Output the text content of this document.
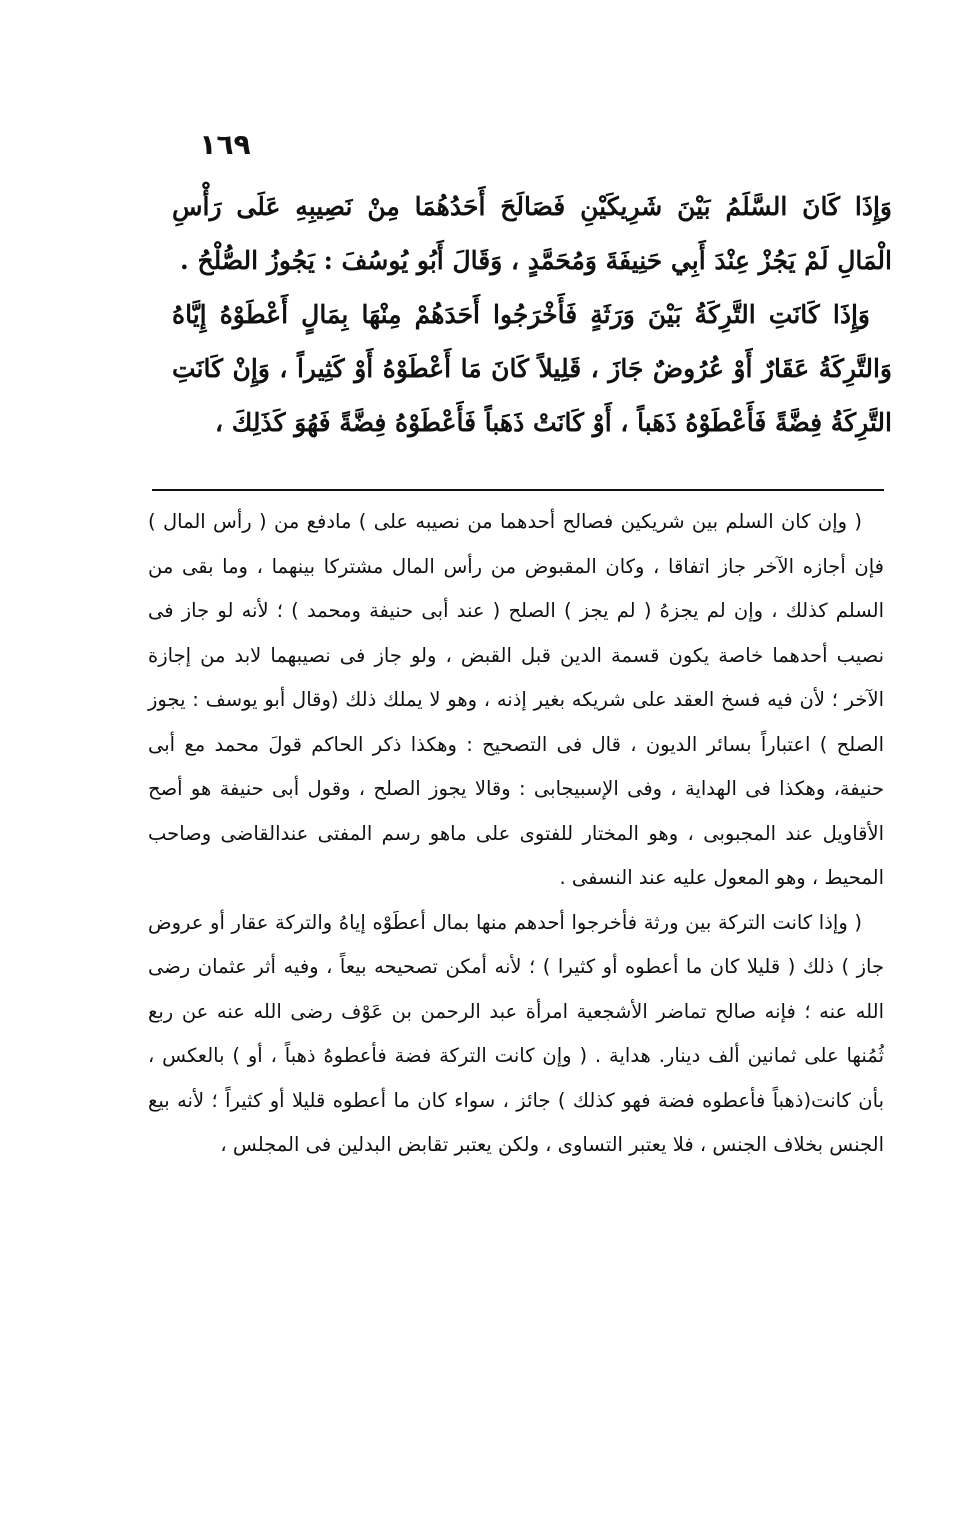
١٦٩

وَإِذَا كَانَ السَّلَمُ بَيْنَ شَرِيكَيْنِ فَصَالَحَ أَحَدُهُمَا مِنْ نَصِيبِهِ عَلَى رَأْسِ الْمَالِ لَمْ يَجُزْ عِنْدَ أَبِي حَنِيفَةَ وَمُحَمَّدٍ ، وَقَالَ أَبُو يُوسُفَ : يَجُوزُ الصُّلْحُ .

وَإِذَا كَانَتِ التَّرِكَةُ بَيْنَ وَرَثَةٍ فَأَخْرَجُوا أَحَدَهُمْ مِنْهَا بِمَالٍ أَعْطَوْهُ إِيَّاهُ وَالتَّرِكَةُ عَقَارٌ أَوْ عُرُوضٌ جَازَ ، قَلِيلاً كَانَ مَا أَعْطَوْهُ أَوْ كَثِيراً ، وَإِنْ كَانَتِ التَّرِكَةُ فِضَّةً فَأَعْطَوْهُ ذَهَباً ، أَوْ كَانَتْ ذَهَباً فَأَعْطَوْهُ فِضَّةً فَهُوَ كَذَلِكَ ،

( وإن كان السلم بين شريكين فصالح أحدهما من نصيبه على ) مادفع من ( رأس المال ) فإن أجازه الآخر جاز اتفاقا ، وكان المقبوض من رأس المال مشتركا بينهما ، وما بقى من السلم كذلك ، وإن لم يجزهُ ( لم يجز ) الصلح ( عند أبى حنيفة ومحمد ) ؛ لأنه لو جاز فى نصيب أحدهما خاصة يكون قسمة الدين قبل القبض ، ولو جاز فى نصيبهما لابد من إجازة الآخر ؛ لأن فيه فسخ العقد على شريكه بغير إذنه ، وهو لا يملك ذلك (وقال أبو يوسف : يجوز الصلح ) اعتباراً بسائر الديون ، قال فى التصحيح : وهكذا ذكر الحاكم قولَ محمد مع أبى حنيفة، وهكذا فى الهداية ، وفى الإسبيجابى : وقالا يجوز الصلح ، وقول أبى حنيفة هو أصح الأقاويل عند المجبوبى ، وهو المختار للفتوى على ماهو رسم المفتى عندالقاضى وصاحب المحيط ، وهو المعول عليه عند النسفى .

( وإذا كانت التركة بين ورثة فأخرجوا أحدهم منها بمال أعطَوْه إياهُ والتركة عقار أو عروض جاز ) ذلك ( قليلا كان ما أعطوه أو كثيرا ) ؛ لأنه أمكن تصحيحه بيعاً ، وفيه أثر عثمان رضى الله عنه ؛ فإنه صالح تماضر الأشجعية امرأة عبد الرحمن بن عَوْف رضى الله عنه عن ربع ثُمُنها على ثمانين ألف دينار. هداية . ( وإن كانت التركة فضة فأعطوهُ ذهباً ، أو ) بالعكس ، بأن كانت(ذهباً فأعطوه فضة فهو كذلك ) جائز ، سواء كان ما أعطوه قليلا أو كثيراً ؛ لأنه بيع الجنس بخلاف الجنس ، فلا يعتبر التساوى ، ولكن يعتبر تقابض البدلين فى المجلس ،
